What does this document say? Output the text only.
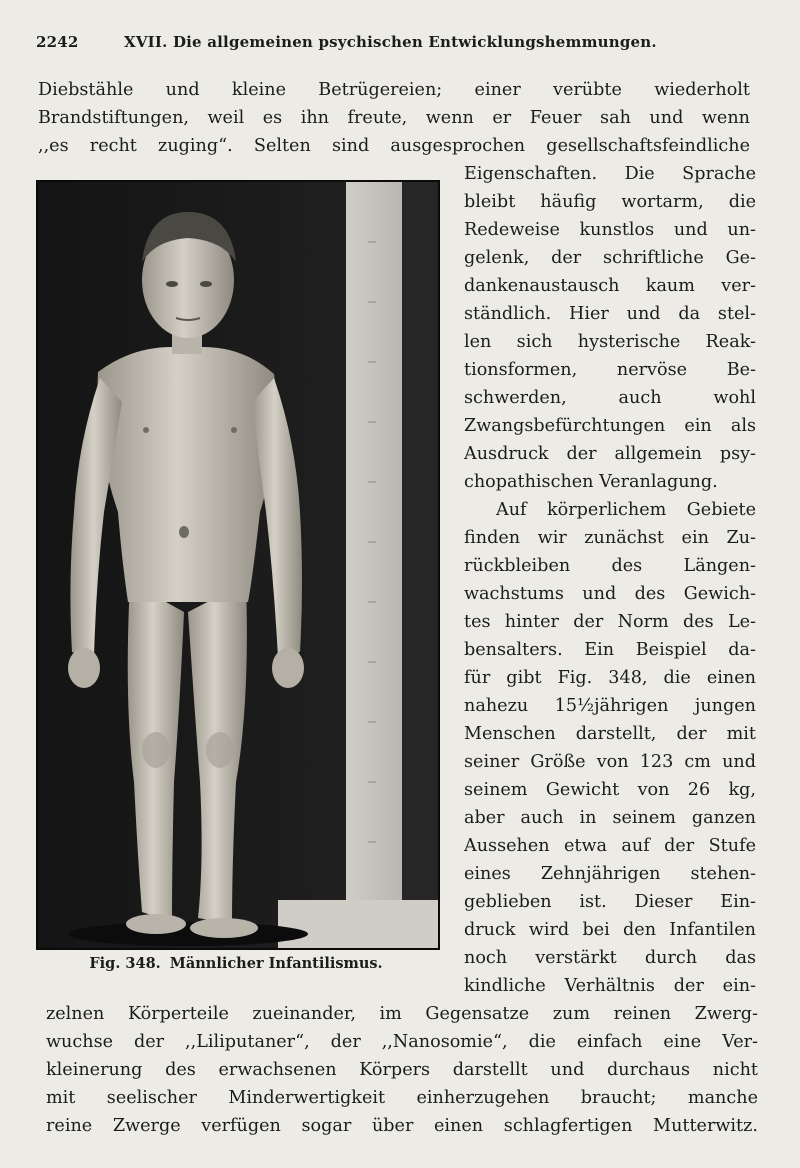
2242	XVII. Die allgemeinen psychischen Entwicklungshemmungen.
Diebstähle und kleine Betrügereien; einer verübte wiederholt
Brandstiftungen, weil es ihn freute, wenn er Feuer sah und wenn
,,es recht zuging“. Selten sind ausgesprochen gesellschaftsfeindliche
Eigenschaften. Die Sprache
bleibt häufig wortarm, die
Redeweise kunstlos und un-
gelenk, der schriftliche Ge-
dankenaustausch kaum ver-
ständlich. Hier und da stel-
len sich hysterische Reak-
tionsformen, nervöse Be-
schwerden, auch wohl
Zwangsbefürchtungen ein als
Ausdruck der allgemein psy-
chopathischen Veranlagung.
Auf körperlichem Gebiete
finden wir zunächst ein Zu-
rückbleiben des Längen-
wachstums und des Gewich-
tes hinter der Norm des Le-
bensalters. Ein Beispiel da-
für gibt Fig. 348, die einen
nahezu 15½jährigen jungen
Menschen darstellt, der mit
seiner Größe von 123 cm und
seinem Gewicht von 26 kg,
aber auch in seinem ganzen
Aussehen etwa auf der Stufe
eines Zehnjährigen stehen-
geblieben ist. Dieser Ein-
druck wird bei den Infantilen
noch verstärkt durch das
kindliche Verhältnis der ein-
zelnen Körperteile zueinander, im Gegensatze zum reinen Zwerg-
wuchse der ,,Liliputaner“, der ,,Nanosomie“, die einfach eine Ver-
kleinerung des erwachsenen Körpers darstellt und durchaus nicht
mit seelischer Minderwertigkeit einherzugehen braucht; manche
reine Zwerge verfügen sogar über einen schlagfertigen Mutterwitz.
Fig. 348. Männlicher Infantilismus.
